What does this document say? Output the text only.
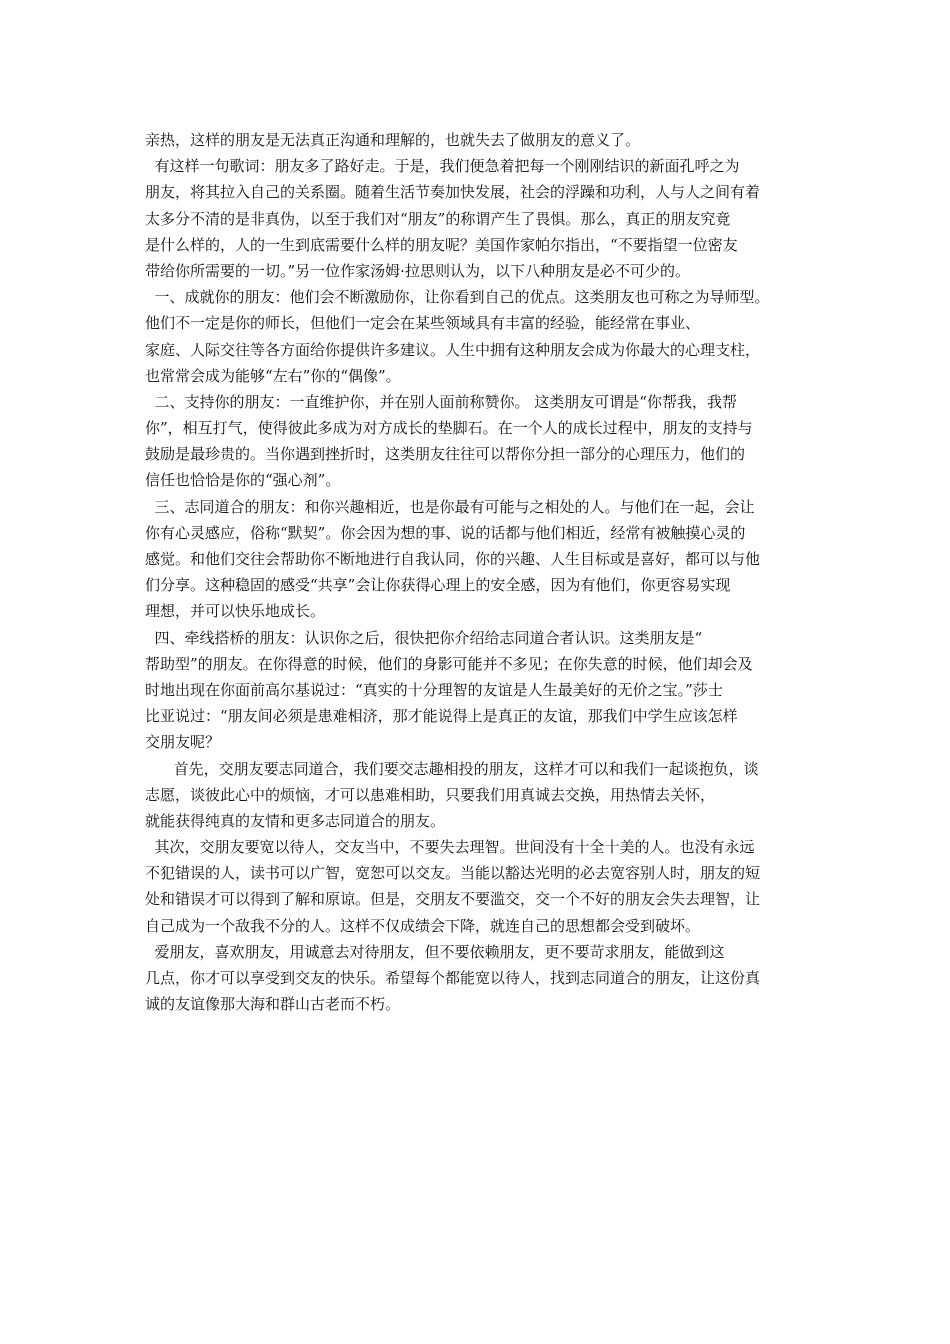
亲热，这样的朋友是无法真正沟通和理解的，也就失去了做朋友的意义了。
有这样一句歌词：朋友多了路好走。于是，我们便急着把每一个刚刚结识的新面孔呼之为
朋友，将其拉入自己的关系圈。随着生活节奏加快发展，社会的浮躁和功利，人与人之间有着
太多分不清的是非真伪，以至于我们对“朋友”的称谓产生了畏惧。那么，真正的朋友究竟
是什么样的，人的一生到底需要什么样的朋友呢？美国作家帕尔指出，“不要指望一位密友
带给你所需要的一切。”另一位作家汤姆·拉思则认为，以下八种朋友是必不可少的。
一、成就你的朋友：他们会不断激励你，让你看到自己的优点。这类朋友也可称之为导师型。
他们不一定是你的师长，但他们一定会在某些领域具有丰富的经验，能经常在事业、
家庭、人际交往等各方面给你提供许多建议。人生中拥有这种朋友会成为你最大的心理支柱，
也常常会成为能够“左右”你的“偶像”。
二、支持你的朋友：一直维护你，并在别人面前称赞你。 这类朋友可谓是“你帮我，我帮
你”，相互打气，使得彼此多成为对方成长的垫脚石。在一个人的成长过程中，朋友的支持与
鼓励是最珍贵的。当你遇到挫折时，这类朋友往往可以帮你分担一部分的心理压力，他们的
信任也恰恰是你的“强心剂”。
三、志同道合的朋友：和你兴趣相近，也是你最有可能与之相处的人。与他们在一起，会让
你有心灵感应，俗称“默契”。你会因为想的事、说的话都与他们相近，经常有被触摸心灵的
感觉。和他们交往会帮助你不断地进行自我认同，你的兴趣、人生目标或是喜好，都可以与他
们分享。这种稳固的感受“共享”会让你获得心理上的安全感，因为有他们，你更容易实现
理想，并可以快乐地成长。
四、牵线搭桥的朋友：认识你之后，很快把你介绍给志同道合者认识。这类朋友是“
帮助型”的朋友。在你得意的时候，他们的身影可能并不多见；在你失意的时候，他们却会及
时地出现在你面前高尔基说过：“真实的十分理智的友谊是人生最美好的无价之宝。”莎士
比亚说过：“朋友间必须是患难相济，那才能说得上是真正的友谊，那我们中学生应该怎样
交朋友呢？
首先，交朋友要志同道合，我们要交志趣相投的朋友，这样才可以和我们一起谈抱负，谈
志愿，谈彼此心中的烦恼，才可以患难相助，只要我们用真诚去交换，用热情去关怀，
就能获得纯真的友情和更多志同道合的朋友。
其次，交朋友要宽以待人，交友当中，不要失去理智。世间没有十全十美的人。也没有永远
不犯错误的人，读书可以广智，宽恕可以交友。当能以豁达光明的必去宽容别人时，朋友的短
处和错误才可以得到了解和原谅。但是，交朋友不要滥交，交一个不好的朋友会失去理智，让
自己成为一个敌我不分的人。这样不仅成绩会下降，就连自己的思想都会受到破坏。
爱朋友，喜欢朋友，用诚意去对待朋友，但不要依赖朋友，更不要苛求朋友，能做到这
几点，你才可以享受到交友的快乐。希望每个都能宽以待人，找到志同道合的朋友，让这份真
诚的友谊像那大海和群山古老而不朽。
